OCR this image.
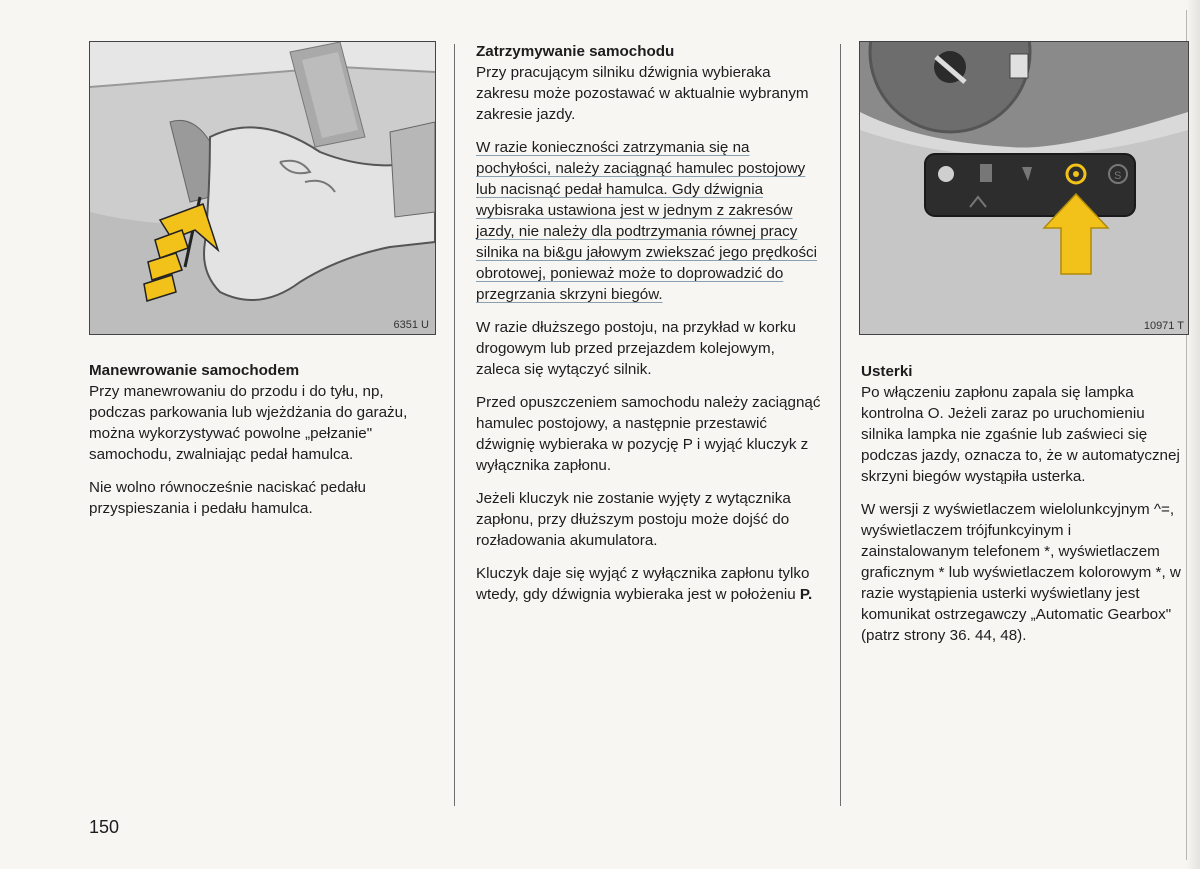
6351 U
S
10971 T
Manewrowanie samochodem

Przy manewrowaniu do przodu i do tyłu, np, podczas parkowania lub wjeżdżania do garażu, można wykorzystywać powolne „pełzanie" samochodu, zwalniając pedał hamulca.

Nie wolno równocześnie naciskać pedału przyspieszania i pedału hamulca.

Zatrzymywanie samochodu

Przy pracującym silniku dźwignia wybieraka zakresu może pozostawać w aktualnie wybranym zakresie jazdy.

W razie konieczności zatrzymania się na pochyłości, należy zaciągnąć hamulec postojowy lub nacisnąć pedał hamulca. Gdy dźwignia wybisraka ustawiona jest w jednym z zakresów jazdy, nie należy dla podtrzymania równej pracy silnika na bi&gu jałowym zwiekszać jego prędkości obrotowej, ponieważ może to doprowadzić do przegrzania skrzyni biegów.

W razie dłuższego postoju, na przykład w korku drogowym lub przed przejazdem kolejowym, zaleca się wytączyć silnik.

Przed opuszczeniem samochodu należy zaciągnąć hamulec postojowy, a następnie przestawić dźwignię wybieraka w pozycję P i wyjąć kluczyk z wyłącznika zapłonu.

Jeżeli kluczyk nie zostanie wyjęty z wytącznika zapłonu, przy dłuższym postoju może dojść do rozładowania akumulatora.

Kluczyk daje się wyjąć z wyłącznika zapłonu tylko wtedy, gdy dźwignia wybieraka jest w położeniu P.

Usterki

Po włączeniu zapłonu zapala się lampka kontrolna O. Jeżeli zaraz po uruchomieniu silnika lampka nie zgaśnie lub zaświeci się podczas jazdy, oznacza to, że w automatycznej skrzyni biegów wystąpiła usterka.

W wersji z wyświetlaczem wielolunkcyjnym ^=, wyświetlaczem trójfunkcyinym i zainstalowanym telefonem *, wyświetlaczem graficznym * lub wyświetlaczem kolorowym *, w razie wystąpienia usterki wyświetlany jest komunikat ostrzegawczy „Automatic Gearbox" (patrz strony 36. 44, 48).

150
